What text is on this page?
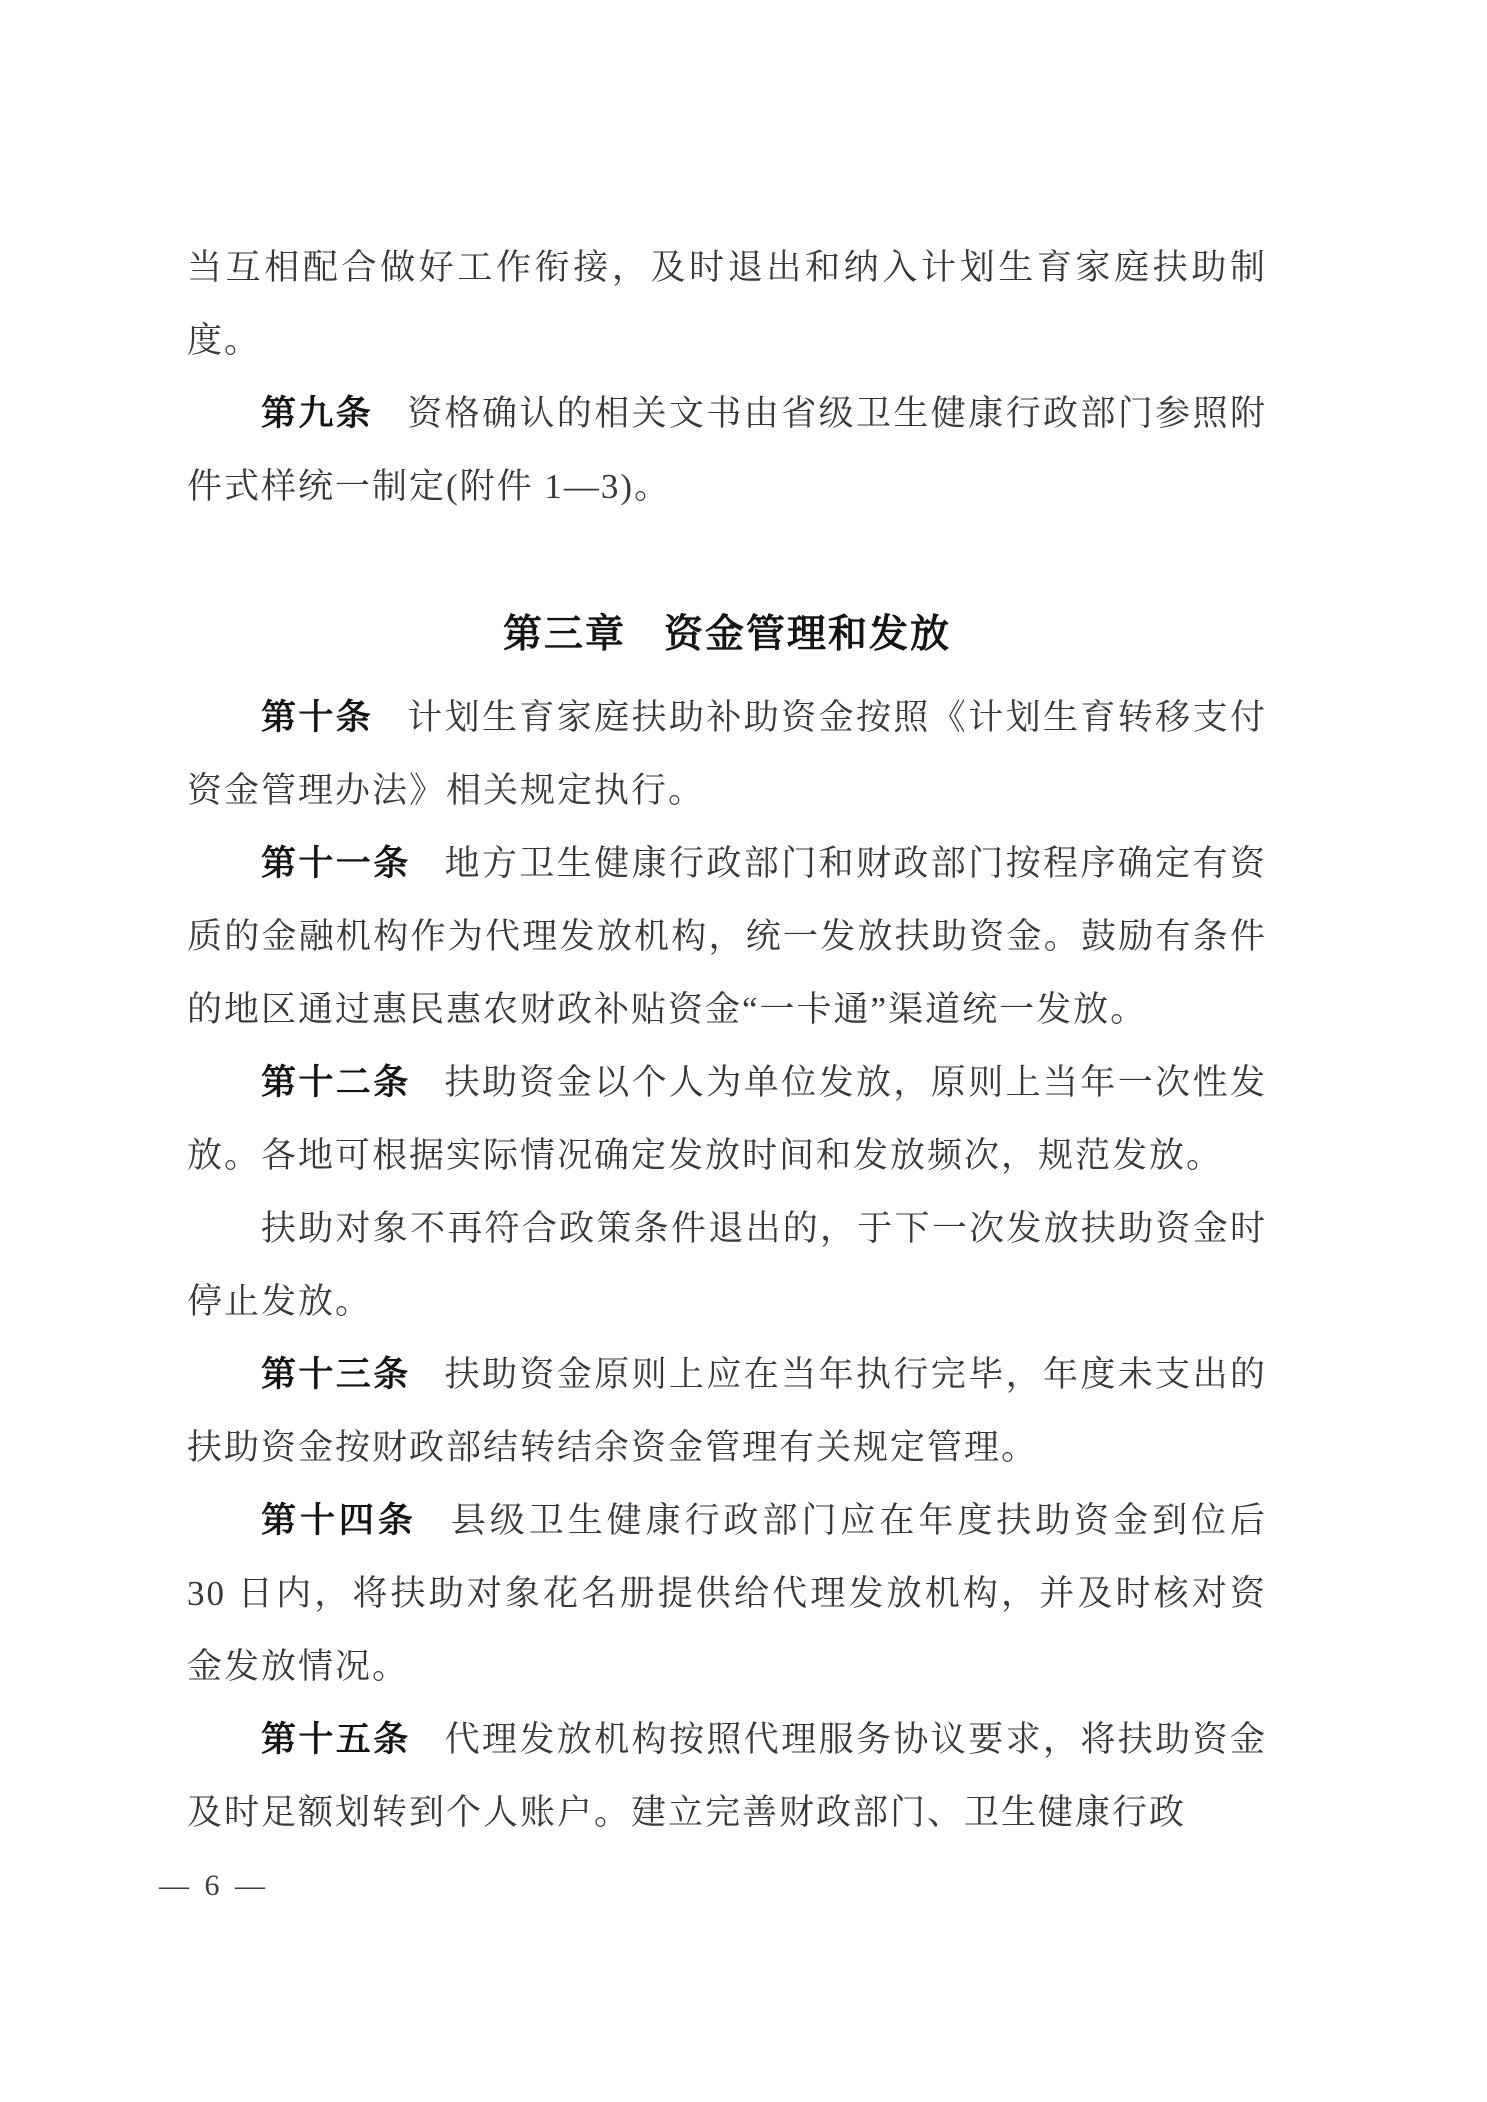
当互相配合做好工作衔接，及时退出和纳入计划生育家庭扶助制度。

第九条 资格确认的相关文书由省级卫生健康行政部门参照附件式样统一制定(附件 1—3)。

第三章 资金管理和发放

第十条 计划生育家庭扶助补助资金按照《计划生育转移支付资金管理办法》相关规定执行。

第十一条 地方卫生健康行政部门和财政部门按程序确定有资质的金融机构作为代理发放机构，统一发放扶助资金。鼓励有条件的地区通过惠民惠农财政补贴资金“一卡通”渠道统一发放。

第十二条 扶助资金以个人为单位发放，原则上当年一次性发放。各地可根据实际情况确定发放时间和发放频次，规范发放。

扶助对象不再符合政策条件退出的，于下一次发放扶助资金时停止发放。

第十三条 扶助资金原则上应在当年执行完毕，年度未支出的扶助资金按财政部结转结余资金管理有关规定管理。

第十四条 县级卫生健康行政部门应在年度扶助资金到位后 30 日内，将扶助对象花名册提供给代理发放机构，并及时核对资金发放情况。

第十五条 代理发放机构按照代理服务协议要求，将扶助资金及时足额划转到个人账户。建立完善财政部门、卫生健康行政

— 6 —
